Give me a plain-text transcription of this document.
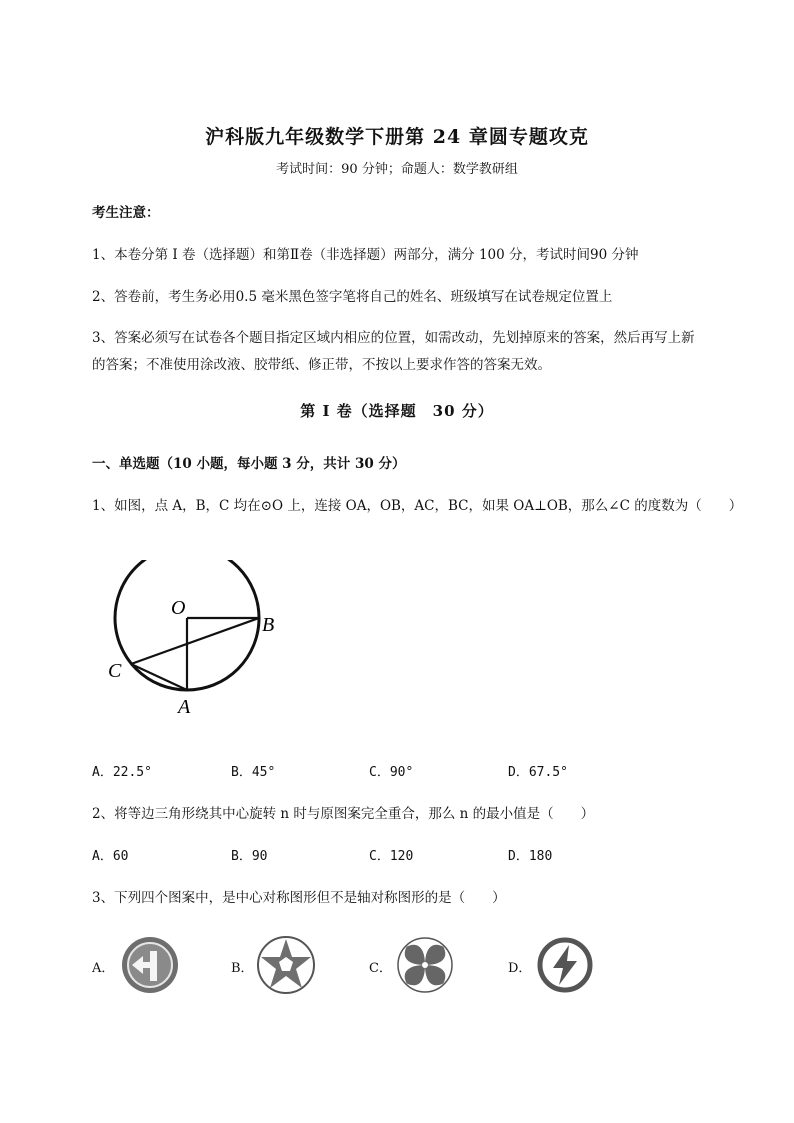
沪科版九年级数学下册第 24 章圆专题攻克
考试时间：90 分钟；命题人：数学教研组
考生注意：
1、本卷分第 I 卷（选择题）和第Ⅱ卷（非选择题）两部分，满分 100 分，考试时间90 分钟
2、答卷前，考生务必用0.5 毫米黑色签字笔将自己的姓名、班级填写在试卷规定位置上
3、答案必须写在试卷各个题目指定区域内相应的位置，如需改动，先划掉原来的答案，然后再写上新
的答案；不准使用涂改液、胶带纸、修正带，不按以上要求作答的答案无效。
第 I 卷（选择题　30 分）
一、单选题（10 小题，每小题 3 分，共计 30 分）
1、如图，点 A，B，C 均在⊙O 上，连接 OA，OB，AC，BC，如果 OA⊥OB，那么∠C 的度数为（　　）
O
B
C
A
A．22.5°	B．45°	C．90°	D．67.5°
2、将等边三角形绕其中心旋转 n 时与原图案完全重合，那么 n 的最小值是（　　）
A．60	B．90	C．120	D．180
3、下列四个图案中，是中心对称图形但不是轴对称图形的是（　　）
A．	B．	C．	D．
